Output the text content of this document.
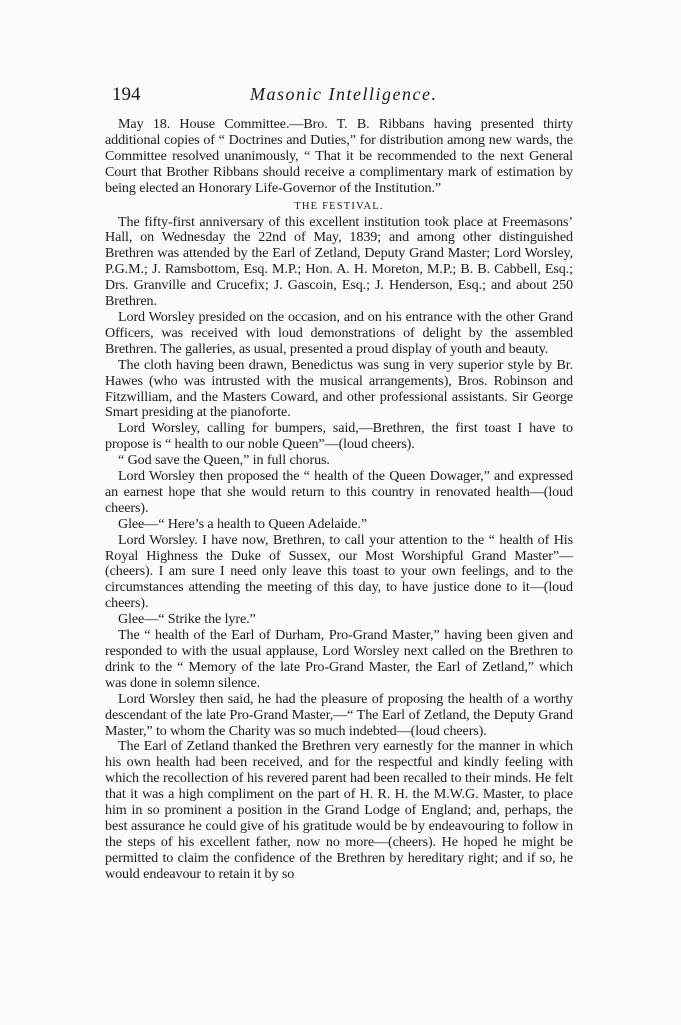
194	Masonic Intelligence.

May 18. House Committee.—Bro. T. B. Ribbans having presented thirty additional copies of “ Doctrines and Duties,” for distribution among new wards, the Committee resolved unanimously, “ That it be recommended to the next General Court that Brother Ribbans should receive a complimentary mark of estimation by being elected an Honorary Life-Governor of the Institution.”

THE FESTIVAL.

The fifty-first anniversary of this excellent institution took place at Freemasons’ Hall, on Wednesday the 22nd of May, 1839; and among other distinguished Brethren was attended by the Earl of Zetland, Deputy Grand Master; Lord Worsley, P.G.M.; J. Ramsbottom, Esq. M.P.; Hon. A. H. Moreton, M.P.; B. B. Cabbell, Esq.; Drs. Granville and Crucefix; J. Gascoin, Esq.; J. Henderson, Esq.; and about 250 Brethren.

Lord Worsley presided on the occasion, and on his entrance with the other Grand Officers, was received with loud demonstrations of delight by the assembled Brethren. The galleries, as usual, presented a proud display of youth and beauty.

The cloth having been drawn, Benedictus was sung in very superior style by Br. Hawes (who was intrusted with the musical arrangements), Bros. Robinson and Fitzwilliam, and the Masters Coward, and other professional assistants. Sir George Smart presiding at the pianoforte.

Lord Worsley, calling for bumpers, said,—Brethren, the first toast I have to propose is “ health to our noble Queen”—(loud cheers).

“ God save the Queen,” in full chorus.

Lord Worsley then proposed the “ health of the Queen Dowager,” and expressed an earnest hope that she would return to this country in renovated health—(loud cheers).

Glee—“ Here’s a health to Queen Adelaide.”

Lord Worsley. I have now, Brethren, to call your attention to the “ health of His Royal Highness the Duke of Sussex, our Most Worshipful Grand Master”—(cheers). I am sure I need only leave this toast to your own feelings, and to the circumstances attending the meeting of this day, to have justice done to it—(loud cheers).

Glee—“ Strike the lyre.”

The “ health of the Earl of Durham, Pro-Grand Master,” having been given and responded to with the usual applause, Lord Worsley next called on the Brethren to drink to the “ Memory of the late Pro-Grand Master, the Earl of Zetland,” which was done in solemn silence.

Lord Worsley then said, he had the pleasure of proposing the health of a worthy descendant of the late Pro-Grand Master,—“ The Earl of Zetland, the Deputy Grand Master,” to whom the Charity was so much indebted—(loud cheers).

The Earl of Zetland thanked the Brethren very earnestly for the manner in which his own health had been received, and for the respectful and kindly feeling with which the recollection of his revered parent had been recalled to their minds. He felt that it was a high compliment on the part of H. R. H. the M.W.G. Master, to place him in so prominent a position in the Grand Lodge of England; and, perhaps, the best assurance he could give of his gratitude would be by endeavouring to follow in the steps of his excellent father, now no more—(cheers). He hoped he might be permitted to claim the confidence of the Brethren by hereditary right; and if so, he would endeavour to retain it by so
